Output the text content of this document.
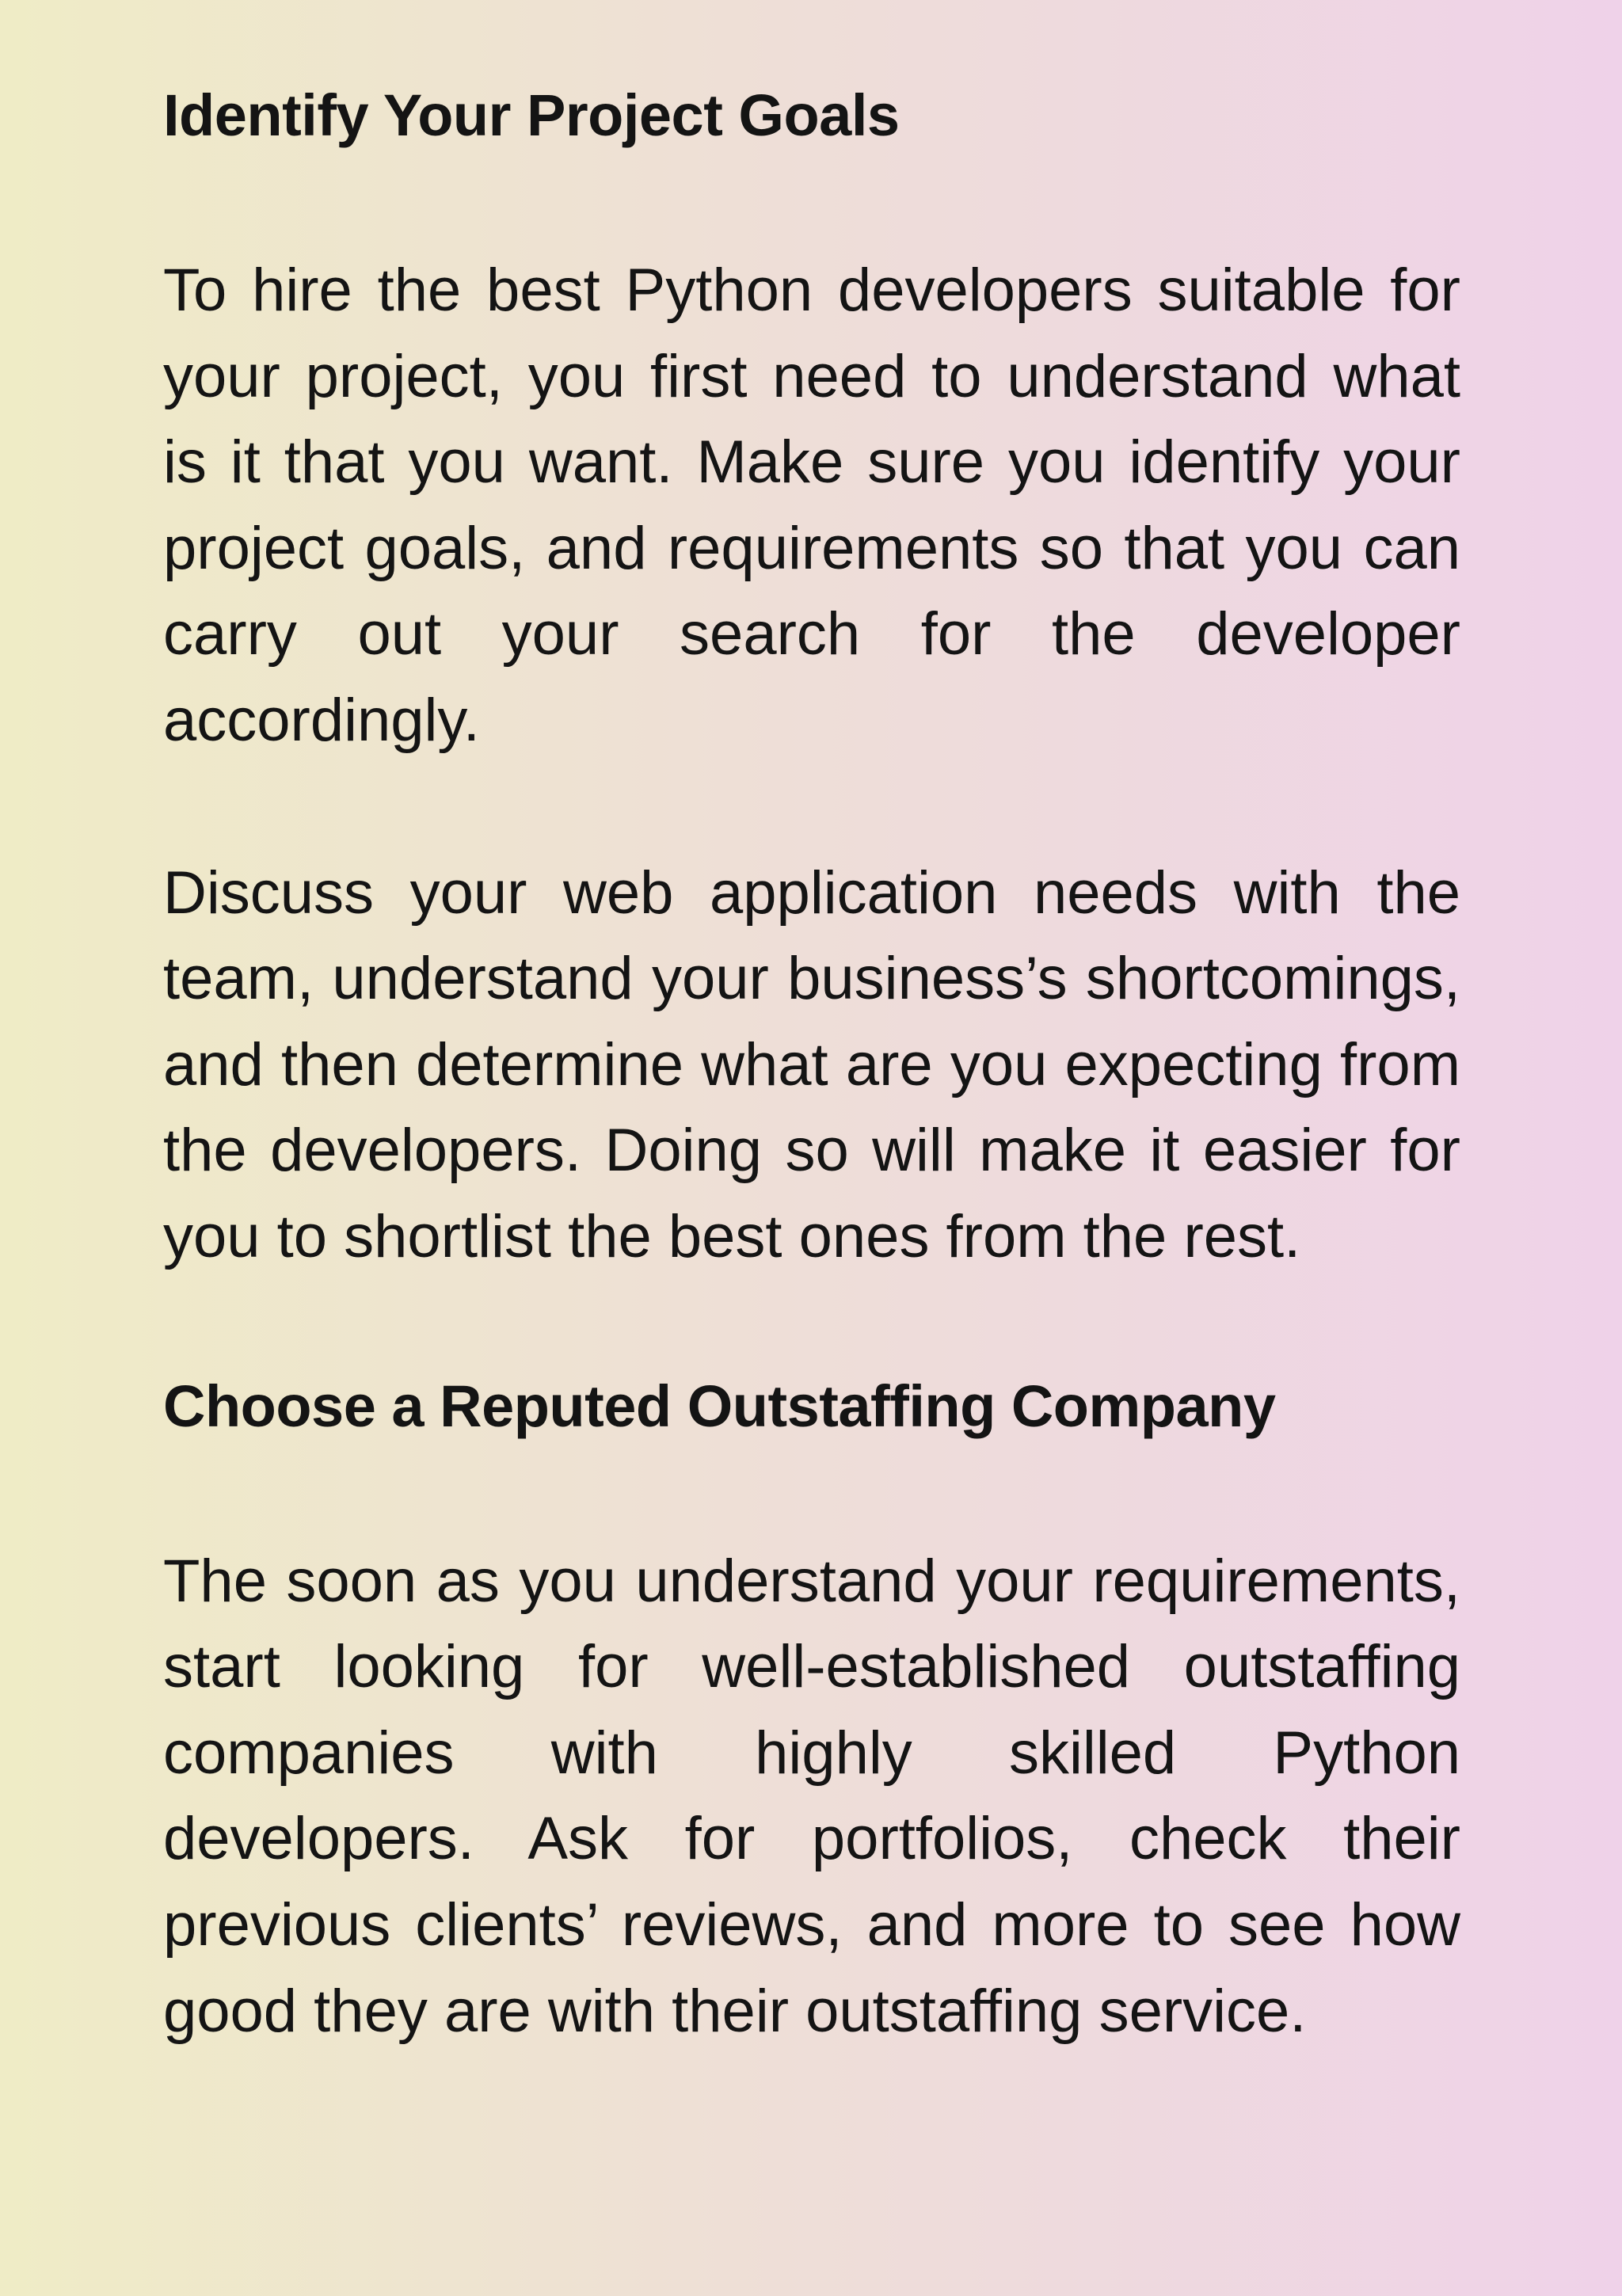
Identify Your Project Goals

To hire the best Python developers suitable for your project, you first need to understand what is it that you want. Make sure you identify your project goals, and requirements so that you can carry out your search for the developer accordingly.

Discuss your web application needs with the team, understand your business’s shortcomings, and then determine what are you expecting from the developers. Doing so will make it easier for you to shortlist the best ones from the rest.

Choose a Reputed Outstaffing Company

The soon as you understand your requirements, start looking for well-established outstaffing companies with highly skilled Python developers. Ask for portfolios, check their previous clients’ reviews, and more to see how good they are with their outstaffing service.
